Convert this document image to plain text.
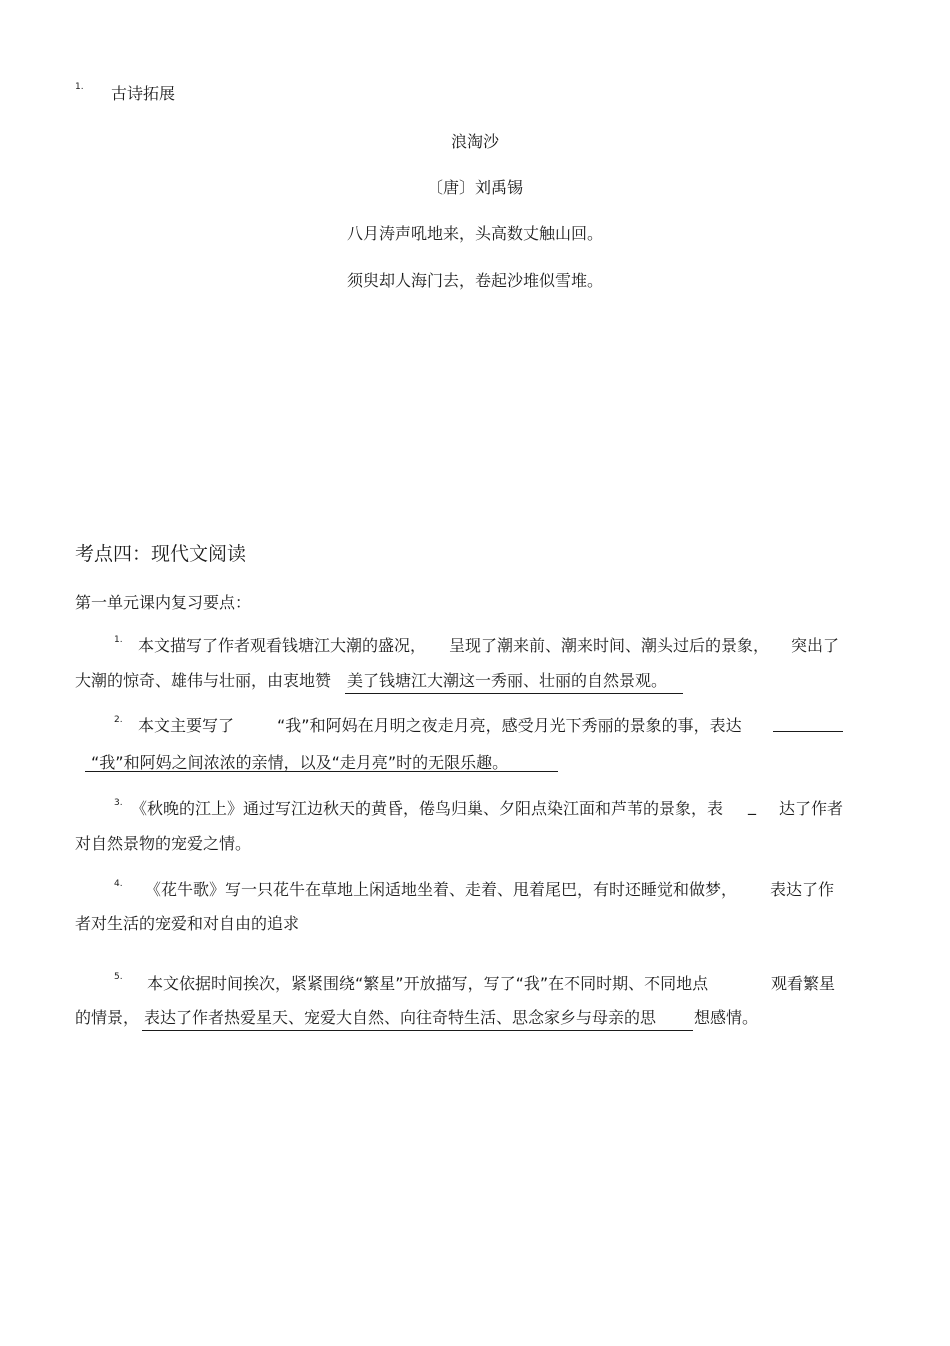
1. 古诗拓展
浪淘沙
〔唐〕刘禹锡
八月涛声吼地来，头高数丈触山回。
须臾却人海门去，卷起沙堆似雪堆。
考点四：现代文阅读
第一单元课内复习要点：
1. 本文描写了作者观看钱塘江大潮的盛况， 呈现了潮来前、潮来时间、潮头过后的景象， 突出了
大潮的惊奇、雄伟与壮丽，由衷地赞 美了钱塘江大潮这一秀丽、壮丽的自然景观。
2. 本文主要写了	“我”和阿妈在月明之夜走月亮，感受月光下秀丽的景象的事，表达
“我”和阿妈之间浓浓的亲情，以及“走月亮”时的无限乐趣。
3. 《秋晚的江上》通过写江边秋天的黄昏，倦鸟归巢、夕阳点染江面和芦苇的景象，表 _ 达了作者
对自然景物的宠爱之情。
4. 《花牛歌》写一只花牛在草地上闲适地坐着、走着、甩着尾巴，有时还睡觉和做梦， 表达了作
者对生活的宠爱和对自由的追求
5. 本文依据时间挨次，紧紧围绕“繁星”开放描写，写了“我”在不同时期、不同地点	观看繁星
的情景， 表达了作者热爱星天、宠爱大自然、向往奇特生活、思念家乡与母亲的思 想感情。
